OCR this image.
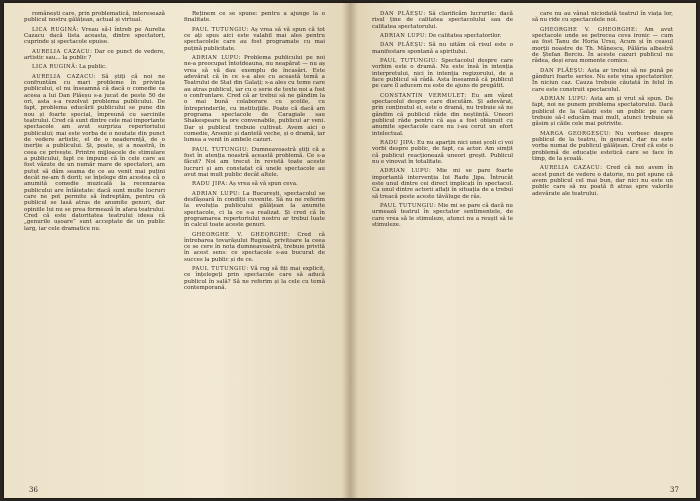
românești care, prin problematică, interesează publicul nostru gălățean, actual și virtual.

LICA RUGINĂ: Vreau să-l întreb pe Aurelia Cazacu dacă lista aceasta, dintre spectatori, cuprinde și spectacole epuise.

AURELIA CAZACU: Dar ce punct de vedere, artistic sau... la public ?

LICA RUGINĂ: La public.

AURELIA CAZACU: Să știți că noi ne confruntăm cu mari probleme în privința publicului, el nu înseamnă că dacă o comedie ca aceea a lui Dan Plăeșu s-a jucat de peste 50 de ori, asta s-a rezolvat problema publicului. De fapt, problema educării publicului se pune din nou și foarte special, împreună cu sarcinile teatrului. Cred că sunt dintre cele mai importante spectacole am avut surpriza repertoriului publicului; mai este vorba de o noutate din punct de vedere artistic, el de o neaderență, de o inerție a publicului. Și, poate, și a noastră, în ceea ce privește. Printre mijloacele de stimulare a publicului, fapt ce impune că în cele care au fost văzute de un număr mare de spectatori, am putut să dăm seama de ce au venit mai puțini decât ne-am fi dorit; se înțelege din acestea că o anumită comedie muzicală la recenzarea publicului are întâietate: dacă sunt multe lucruri care ne pot permite să îndreptăm, pentru că publicul se lasă atras de anumite genuri, dar opiniile lui nu se prea formează în afara teatrului. Cred că este datoritatea teatrului ideea că „genurile ușoare” sunt acceptate de un public larg, iar cele dramatice nu.

Reținem ce se spune: pentru a ajunge la o finalitate.

PAUL TUTUNGIU: Aș vrea să vă spun că tot ce ați spus aici este valabil mai ales pentru spectacolele care au fost programate cu mai puțină publicitate.

ADRIAN LUPU: Problema publicului pe noi ne-a preocupat întotdeauna, nu neapărat — nu aș vrea să vă dau exemplu de încasări. Este adevărat că în ce s-a ales cu această temă a Teatrului de Stat din Galați; s-a ales cu teme care au atras publicul, iar cu o serie de texte noi a fost o confruntare. Cred că ar trebui să ne gândim la o mai bună colaborare cu școlile, cu întreprinderile, cu instituțiile. Poate că dacă am programa spectacole de Caragiale sau Shakespeare la ore convenabile, publicul ar veni. Dar și publicul trebuie cultivat. Avem aici o comedie, Arsenic și dantelă veche, și o dramă, iar lumea a venit în ambele cazuri.

PAUL TUTUNGIU: Dumneavoastră știți că a fost în atenția noastră această problemă. Ce s-a făcut? Noi am trecut în revistă toate aceste lucruri și am constatat că unele spectacole au avut mai mult public decât altele.

RADU JIPA: Aș vrea să vă spun ceva.

ADRIAN LUPU: La București, spectacolul se desfășoară în condiții cuvenite. Să nu ne referim la evoluția publicului gălățean la anumite spectacole, ci la ce s-a realizat. Și cred că în programarea repertoriului nostru ar trebui luate în calcul toate aceste genuri.

GHEORGHE V. GHEORGHE: Cred că întrebarea tovarășului Rugină, privitoare la ceea ce se cere în nota dumneavoastră, trebuie privită în acest sens: ce spectacole s-au bucurat de succes la public și de ce.

PAUL TUTUNGIU: Vă rog să fiți mai explicit, ce înțelegeți prin spectacole care să aducă publicul în sală? Să ne referim și la cele cu temă contemporană.

36

DAN PLĂEȘU: Să clarificăm lucrurile: dacă risul ține de calitatea spectacolului sau de calitatea spectatorului.

ADRIAN LUPU: De calitatea spectatorilor.

DAN PLĂEȘU: Să nu uităm că risul este o manifestare spontană a spiritului.

PAUL TUTUNGIU: Spectacolul despre care vorbim este o dramă. Nu este însă în intenția interpretului, nici în intenția regizorului, de a face publicul să râdă. Asta înseamnă că publicul pe care îl aducem nu este de ajuns de pregătit.

CONSTANTIN VERMULET: Eu am văzut spectacolul despre care discutăm. Și adevărat, prin conținutul ei, este o dramă, nu trebuie să ne gândim că publicul râde din neștiință. Uneori publicul râde pentru că așa a fost obișnuit cu anumite spectacole care nu i-au cerut un efort intelectual.

RADU JIPA: Eu nu aparțin nici unei școli ci voi vorbi despre public, de fapt, ca actor. Am simțit că publicul reacționează uneori greșit. Publicul nu e vinovat în totalitate.

ADRIAN LUPU: Mie mi se pare foarte importantă intervenția lui Radu Jipa. Întrucât este unul dintre cei direct implicați în spectacol. Ca unul dintre actorii aflați în situația de a trebui să treacă peste aceste tăvăluge de râs.

PAUL TUTUNGIU: Mie mi se pare că dacă nu urmează teatrul în spectator sentimentele, de care vrea să le stimuleze, atunci nu a reușit să le stimuleze.

care nu au vânat niciodată teatrul în viața lor, să nu ride cu spectacolele noi.

GHEORGHE V. GHEORGHE: Am avut spectacole unde se petrecea ceva ironic — cum au fost Tanu de Horia Ursu, Acum și în ceasul morții noastre de Th. Mănescu, Pălăria albastră de Ștefan Berciu. În aceste cazuri publicul nu râdea, deși erau momente comice.

DAN PLĂEȘU: Asta ar trebui să ne pună pe gânduri foarte serios. Nu este vina spectatorilor. În niciun caz. Cauza trebuie căutată în felul în care este construit spectacolul.

ADRIAN LUPU: Asta am și vrut să spun. De fapt, noi ne punem problema spectatorului. Dacă publicul de la Galați este un public pe care trebuie să-l educăm mai mult, atunci trebuie să găsim și căile cele mai potrivite.

MARGA GEORGESCU: Nu vorbesc despre publicul de la teatru, în general, dar nu este vorba numai de publicul gălățean. Cred că este o problemă de educație estetică care se face în timp, de la școală.

AURELIA CAZACU: Cred că noi avem în acest punct de vedere o datorie, nu pot spune că avem publicul cel mai bun, dar nici nu este un public care să nu poată fi atras spre valorile adevărate ale teatrului.

37
